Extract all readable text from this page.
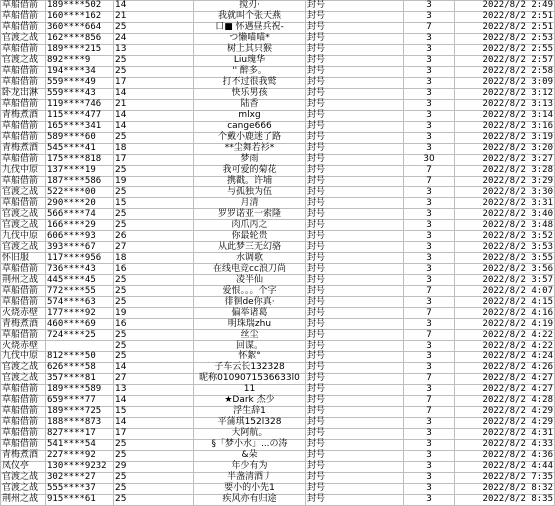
草船借箭	189****502	14	搅刃·	封号	3	2022/8/2 2:49
草船借箭	160****162	21	我就叫个张天燕	封号	3	2022/8/2 2:51
草船借箭	360****664	25	口■ 怀遇昼兵祝-	封号	7	2022/8/2 2:51
官渡之战	162****856	24	つ懒喵喵*	封号	3	2022/8/2 2:53
草船借箭	189****215	13	树上其只猴	封号	3	2022/8/2 2:55
官渡之战	892****9	25	Liu瑰华	封号	3	2022/8/2 2:57
草船借箭	194****34	25	'' 醉多。	封号	3	2022/8/2 2:58
草船借箭	559****49	17	打不过很我鹫	封号	3	2022/8/2 3:09
卧龙出淋	559****43	14	快乐男孩	封号	3	2022/8/2 3:12
草船借箭	119****746	21	陆香	封号	3	2022/8/2 3:13
青梅煮酒	115****477	14	mlxg	封号	3	2022/8/2 3:14
草船借箭	165****341	14	cange666	封号	3	2022/8/2 3:16
草船借箭	589****60	25	个戴小鹿迷了路	封号	3	2022/8/2 3:19
青梅煮酒	545****41	18	**尘舞若衫*	封号	3	2022/8/2 3:20
草船借箭	175****818	17	梦雨	封号	30	2022/8/2 3:27
九伐中原	137****19	25	我可爱的菊花	封号	7	2022/8/2 3:28
草船借箭	187****586	19	携戳。许埔	封号	7	2022/8/2 3:29
官渡之战	522****00	25	与孤独为伍	封号	3	2022/8/2 3:30
草船借箭	290****20	15	月清	封号	3	2022/8/2 3:31
官渡之战	566****74	25	罗罗诺亚一索隆	封号	3	2022/8/2 3:40
官渡之战	166****29	25	肉爪丙之	封号	3	2022/8/2 3:48
九伐中原	606****93	26	你最轮贵	封号	3	2022/8/2 3:52
官渡之战	393****67	27	从此梦三无幻骆	封号	3	2022/8/2 3:53
怀旧服	117****956	18	水调歌	封号	3	2022/8/2 3:55
草船借箭	736****43	16	在线电竞cc浪刀尚	封号	3	2022/8/2 3:56
荆州之战	445****45	25	凌半仙	封号	3	2022/8/2 3:57
草船借箭	772****55	25	爱恨。。。个字	封号	7	2022/8/2 4:07
草船借箭	574****63	25	徘徊de你真·	封号	3	2022/8/2 4:15
火烧赤壁	177****92	19	偏举诸葛	封号	7	2022/8/2 4:16
青梅煮酒	460****69	16	明珠瑞zhu	封号	3	2022/8/2 4:19
草船借箭	724****25	25	丝尘	封号	7	2022/8/2 4:22
火烧赤壁		25	回谋。	封号	3	2022/8/2 4:22
九伐中原	812****50	25	怀絮°	封号	3	2022/8/2 4:24
官渡之战	626****58	14	子车云长132328	封号	3	2022/8/2 4:26
官渡之战	357****81	27	昵称0109071536633l0	封号	7	2022/8/2 4:27
草船借箭	189****589	13	11	封号	3	2022/8/2 4:27
草船借箭	659****77	14	★Dark 杰少	封号	7	2022/8/2 4:28
草船借箭	189****725	15	浮生辞1	封号	7	2022/8/2 4:29
草船借箭	188****873	14	平蒲琪152l328	封号	3	2022/8/2 4:29
草船借箭	827****17	17	大阿航。	封号	3	2022/8/2 4:31
草船借箭	541****54	25	§「梦小水」...の涛	封号	3	2022/8/2 4:33
青梅煮酒	227****92	25	&朵	封号	3	2022/8/2 4:36
凤仪亭	130****9232	29	年少有为	封号	3	2022/8/2 4:44
官渡之战	302****27	25	半盏清酒丿	封号	3	2022/8/2 7:35
官渡之战	555****37	25	要小的小先1	封号	3	2022/8/2 8:32
荆州之战	915****61	25	疾风亦有归途	封号	3	2022/8/2 8:35
